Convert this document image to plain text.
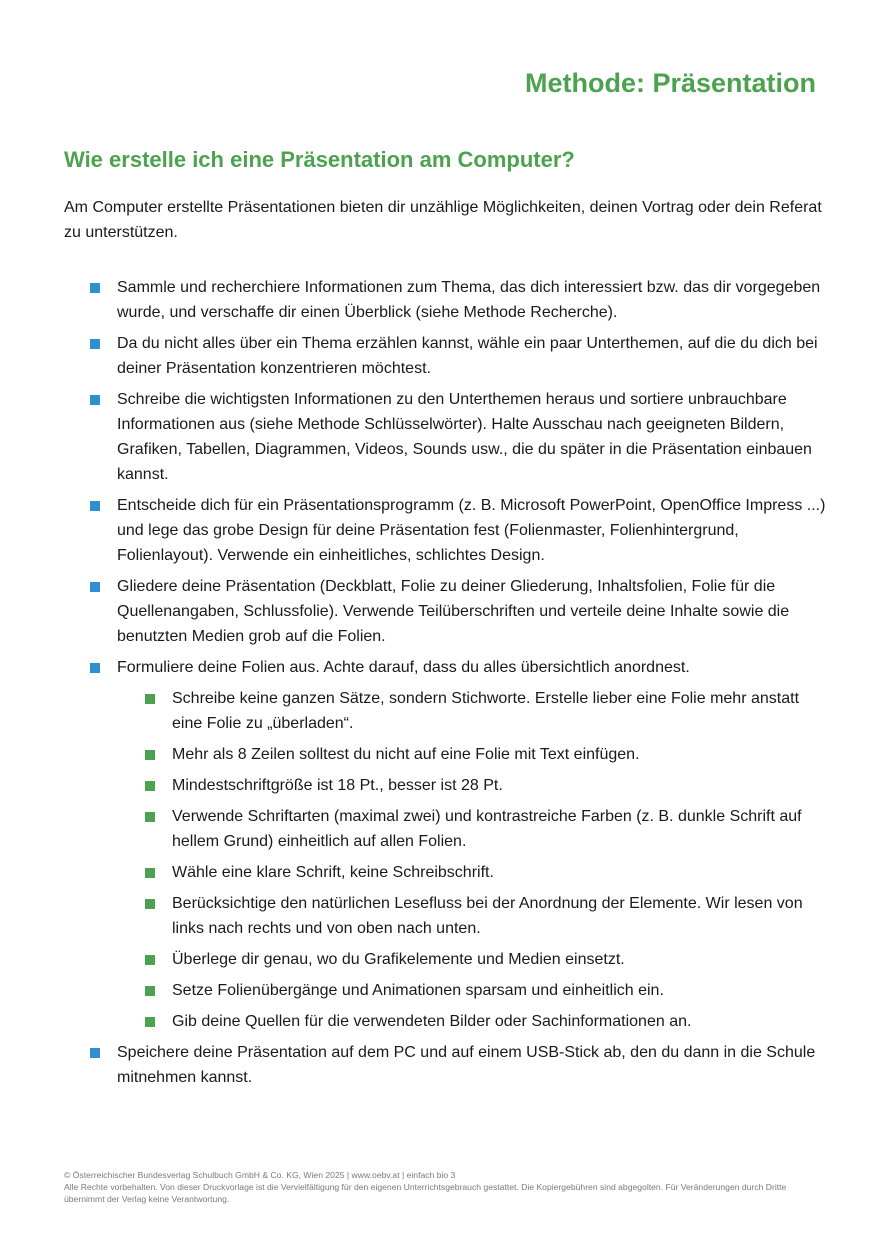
Methode: Präsentation
Wie erstelle ich eine Präsentation am Computer?

Am Computer erstellte Präsentationen bieten dir unzählige Möglichkeiten, deinen Vortrag oder dein Referat zu unterstützen.

Sammle und recherchiere Informationen zum Thema, das dich interessiert bzw. das dir vorgegeben wurde, und verschaffe dir einen Überblick (siehe Methode Recherche).
Da du nicht alles über ein Thema erzählen kannst, wähle ein paar Unterthemen, auf die du dich bei deiner Präsentation konzentrieren möchtest.
Schreibe die wichtigsten Informationen zu den Unterthemen heraus und sortiere unbrauchbare Informationen aus (siehe Methode Schlüsselwörter). Halte Ausschau nach geeigneten Bildern, Grafiken, Tabellen, Diagrammen, Videos, Sounds usw., die du später in die Präsentation einbauen kannst.
Entscheide dich für ein Präsentationsprogramm (z. B. Microsoft PowerPoint, OpenOffice Impress ...) und lege das grobe Design für deine Präsentation fest (Folienmaster, Folienhintergrund, Folienlayout). Verwende ein einheitliches, schlichtes Design.
Gliedere deine Präsentation (Deckblatt, Folie zu deiner Gliederung, Inhaltsfolien, Folie für die Quellenangaben, Schlussfolie). Verwende Teilüberschriften und verteile deine Inhalte sowie die benutzten Medien grob auf die Folien.
Formuliere deine Folien aus. Achte darauf, dass du alles übersichtlich anordnest.
Schreibe keine ganzen Sätze, sondern Stichworte. Erstelle lieber eine Folie mehr anstatt eine Folie zu „überladen“.
Mehr als 8 Zeilen solltest du nicht auf eine Folie mit Text einfügen.
Mindestschriftgröße ist 18 Pt., besser ist 28 Pt.
Verwende Schriftarten (maximal zwei) und kontrastreiche Farben (z. B. dunkle Schrift auf hellem Grund) einheitlich auf allen Folien.
Wähle eine klare Schrift, keine Schreibschrift.
Berücksichtige den natürlichen Lesefluss bei der Anordnung der Elemente. Wir lesen von links nach rechts und von oben nach unten.
Überlege dir genau, wo du Grafikelemente und Medien einsetzt.
Setze Folienübergänge und Animationen sparsam und einheitlich ein.
Gib deine Quellen für die verwendeten Bilder oder Sachinformationen an.
Speichere deine Präsentation auf dem PC und auf einem USB-Stick ab, den du dann in die Schule mitnehmen kannst.
© Österreichischer Bundesverlag Schulbuch GmbH & Co. KG, Wien 2025 | www.oebv.at | einfach bio 3
Alle Rechte vorbehalten. Von dieser Druckvorlage ist die Vervielfältigung für den eigenen Unterrichtsgebrauch gestattet. Die Kopiergebühren sind abgegolten. Für Veränderungen durch Dritte übernimmt der Verlag keine Verantwortung.
